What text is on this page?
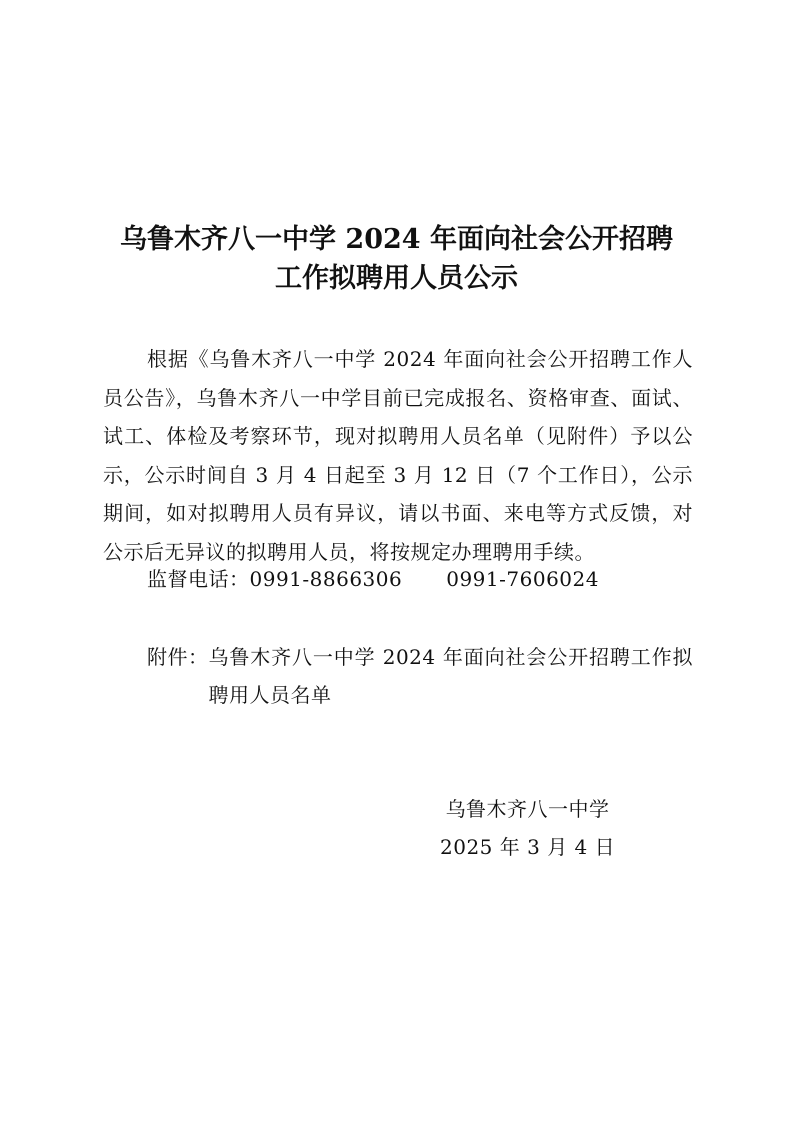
乌鲁木齐八一中学 2024 年面向社会公开招聘
工作拟聘用人员公示
根据《乌鲁木齐八一中学 2024 年面向社会公开招聘工作人员公告》，乌鲁木齐八一中学目前已完成报名、资格审查、面试、试工、体检及考察环节，现对拟聘用人员名单（见附件）予以公示，公示时间自 3 月 4 日起至 3 月 12 日（7 个工作日），公示期间，如对拟聘用人员有异议，请以书面、来电等方式反馈，对公示后无异议的拟聘用人员，将按规定办理聘用手续。
监督电话：0991-8866306 0991-7606024
附件： 乌鲁木齐八一中学 2024 年面向社会公开招聘工作拟聘用人员名单
乌鲁木齐八一中学
2025 年 3 月 4 日
